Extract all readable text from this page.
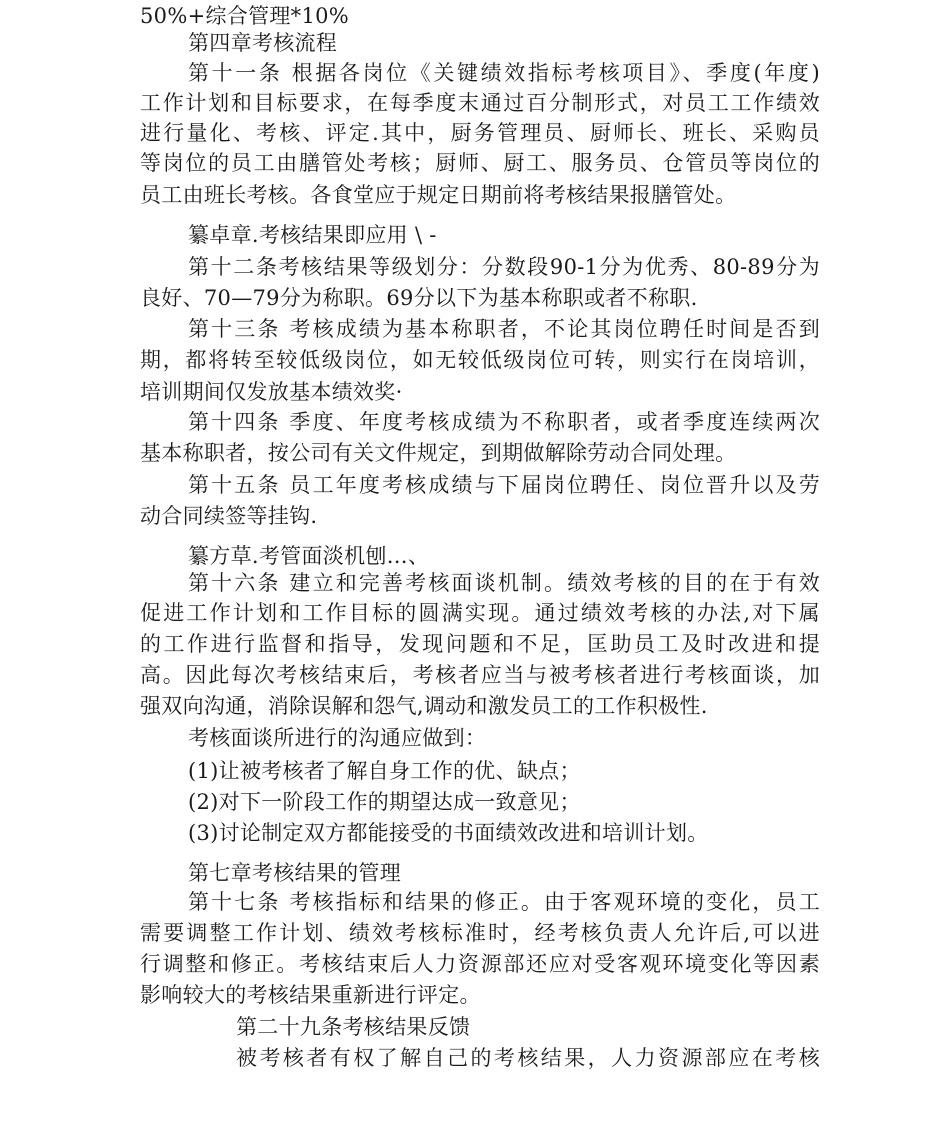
50%+综合管理*10%
第四章考核流程
第十一条 根据各岗位《关键绩效指标考核项目》、季度(年度)
工作计划和目标要求，在每季度末通过百分制形式，对员工工作绩效
进行量化、考核、评定.其中，厨务管理员、厨师长、班长、采购员
等岗位的员工由膳管处考核；厨师、厨工、服务员、仓管员等岗位的
员工由班长考核。各食堂应于规定日期前将考核结果报膳管处。
纂卓章.考核结果即应用 \ -
第十二条考核结果等级划分：分数段90-1分为优秀、80-89分为
良好、70—79分为称职。69分以下为基本称职或者不称职.
第十三条 考核成绩为基本称职者，不论其岗位聘任时间是否到
期，都将转至较低级岗位，如无较低级岗位可转，则实行在岗培训，
培训期间仅发放基本绩效奖·
第十四条 季度、年度考核成绩为不称职者，或者季度连续两次
基本称职者，按公司有关文件规定，到期做解除劳动合同处理。
第十五条 员工年度考核成绩与下届岗位聘任、岗位晋升以及劳
动合同续签等挂钩.
纂方草.考管面淡机刨…、
第十六条 建立和完善考核面谈机制。绩效考核的目的在于有效
促进工作计划和工作目标的圆满实现。通过绩效考核的办法,对下属
的工作进行监督和指导，发现问题和不足，匡助员工及时改进和提
高。因此每次考核结束后，考核者应当与被考核者进行考核面谈，加
强双向沟通，消除误解和怨气,调动和激发员工的工作积极性.
考核面谈所进行的沟通应做到：
(1)让被考核者了解自身工作的优、缺点；
(2)对下一阶段工作的期望达成一致意见；
(3)讨论制定双方都能接受的书面绩效改进和培训计划。
第七章考核结果的管理
第十七条 考核指标和结果的修正。由于客观环境的变化，员工
需要调整工作计划、绩效考核标准时，经考核负责人允许后,可以进
行调整和修正。考核结束后人力资源部还应对受客观环境变化等因素
影响较大的考核结果重新进行评定。
第二十九条考核结果反馈
被考核者有权了解自己的考核结果，人力资源部应在考核
